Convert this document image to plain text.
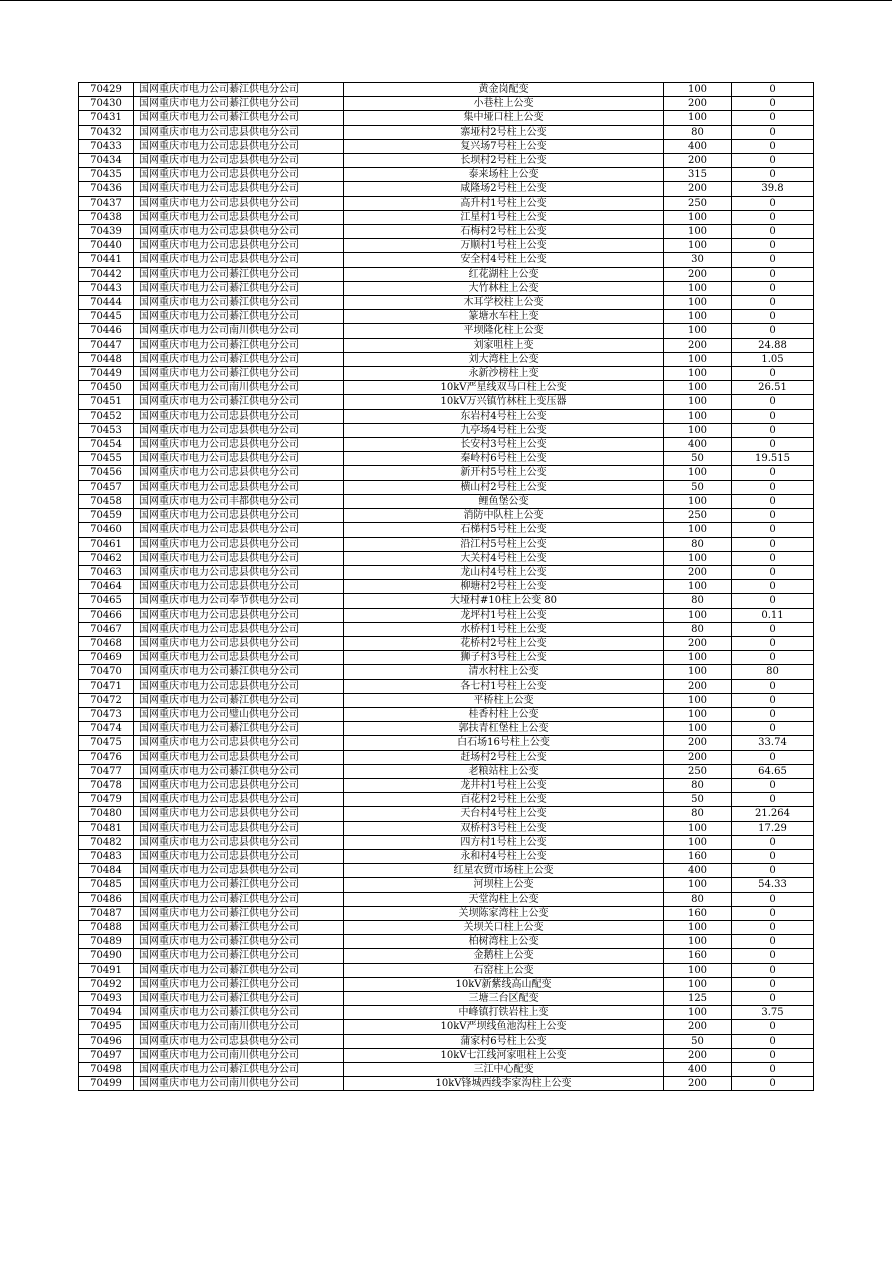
70429	国网重庆市电力公司綦江供电分公司	黄金岗配变	100	0
70430	国网重庆市电力公司綦江供电分公司	小巷柱上公变	200	0
70431	国网重庆市电力公司綦江供电分公司	集中垭口柱上公变	100	0
70432	国网重庆市电力公司忠县供电分公司	寨垭村2号柱上公变	80	0
70433	国网重庆市电力公司忠县供电分公司	复兴场7号柱上公变	400	0
70434	国网重庆市电力公司忠县供电分公司	长坝村2号柱上公变	200	0
70435	国网重庆市电力公司忠县供电分公司	泰来场柱上公变	315	0
70436	国网重庆市电力公司忠县供电分公司	咸隆场2号柱上公变	200	39.8
70437	国网重庆市电力公司忠县供电分公司	高升村1号柱上公变	250	0
70438	国网重庆市电力公司忠县供电分公司	江星村1号柱上公变	100	0
70439	国网重庆市电力公司忠县供电分公司	石梅村2号柱上公变	100	0
70440	国网重庆市电力公司忠县供电分公司	万顺村1号柱上公变	100	0
70441	国网重庆市电力公司忠县供电分公司	安全村4号柱上公变	30	0
70442	国网重庆市电力公司綦江供电分公司	红花湖柱上公变	200	0
70443	国网重庆市电力公司綦江供电分公司	大竹林柱上公变	100	0
70444	国网重庆市电力公司綦江供电分公司	木耳学校柱上公变	100	0
70445	国网重庆市电力公司綦江供电分公司	篆塘水车柱上变	100	0
70446	国网重庆市电力公司南川供电分公司	平坝隆化柱上公变	100	0
70447	国网重庆市电力公司綦江供电分公司	刘家咀柱上变	200	24.88
70448	国网重庆市电力公司綦江供电分公司	刘大湾柱上公变	100	1.05
70449	国网重庆市电力公司綦江供电分公司	永新沙榜柱上变	100	0
70450	国网重庆市电力公司南川供电分公司	10kV严星线双马口柱上公变	100	26.51
70451	国网重庆市电力公司綦江供电分公司	10kV万兴镇竹林柱上变压器	100	0
70452	国网重庆市电力公司忠县供电分公司	东岩村4号柱上公变	100	0
70453	国网重庆市电力公司忠县供电分公司	九亭场4号柱上公变	100	0
70454	国网重庆市电力公司忠县供电分公司	长安村3号柱上公变	400	0
70455	国网重庆市电力公司忠县供电分公司	秦岭村6号柱上公变	50	19.515
70456	国网重庆市电力公司忠县供电分公司	新开村5号柱上公变	100	0
70457	国网重庆市电力公司忠县供电分公司	横山村2号柱上公变	50	0
70458	国网重庆市电力公司丰都供电分公司	鲤鱼堡公变	100	0
70459	国网重庆市电力公司忠县供电分公司	消防中队柱上公变	250	0
70460	国网重庆市电力公司忠县供电分公司	石梯村5号柱上公变	100	0
70461	国网重庆市电力公司忠县供电分公司	沿江村5号柱上公变	80	0
70462	国网重庆市电力公司忠县供电分公司	大关村4号柱上公变	100	0
70463	国网重庆市电力公司忠县供电分公司	龙山村4号柱上公变	200	0
70464	国网重庆市电力公司忠县供电分公司	柳塘村2号柱上公变	100	0
70465	国网重庆市电力公司奉节供电分公司	大垭村#10柱上公变 80	80	0
70466	国网重庆市电力公司忠县供电分公司	龙坪村1号柱上公变	100	0.11
70467	国网重庆市电力公司忠县供电分公司	水桥村1号柱上公变	80	0
70468	国网重庆市电力公司忠县供电分公司	花桥村2号柱上公变	200	0
70469	国网重庆市电力公司忠县供电分公司	狮子村3号柱上公变	100	0
70470	国网重庆市电力公司綦江供电分公司	清水村柱上公变	100	80
70471	国网重庆市电力公司忠县供电分公司	各七村1号柱上公变	200	0
70472	国网重庆市电力公司綦江供电分公司	平桥柱上公变	100	0
70473	国网重庆市电力公司璧山供电分公司	桂香村柱上公变	100	0
70474	国网重庆市电力公司綦江供电分公司	郭扶青杠堡柱上公变	100	0
70475	国网重庆市电力公司忠县供电分公司	白石场16号柱上公变	200	33.74
70476	国网重庆市电力公司忠县供电分公司	赶场村2号柱上公变	200	0
70477	国网重庆市电力公司綦江供电分公司	老粮站柱上公变	250	64.65
70478	国网重庆市电力公司忠县供电分公司	龙井村1号柱上公变	80	0
70479	国网重庆市电力公司忠县供电分公司	百花村2号柱上公变	50	0
70480	国网重庆市电力公司忠县供电分公司	天台村4号柱上公变	80	21.264
70481	国网重庆市电力公司忠县供电分公司	双桥村3号柱上公变	100	17.29
70482	国网重庆市电力公司忠县供电分公司	四方村1号柱上公变	100	0
70483	国网重庆市电力公司忠县供电分公司	永和村4号柱上公变	160	0
70484	国网重庆市电力公司忠县供电分公司	红星农贸市场柱上公变	400	0
70485	国网重庆市电力公司綦江供电分公司	河坝柱上公变	100	54.33
70486	国网重庆市电力公司綦江供电分公司	天堂沟柱上公变	80	0
70487	国网重庆市电力公司綦江供电分公司	关坝陈家湾柱上公变	160	0
70488	国网重庆市电力公司綦江供电分公司	关坝关口柱上公变	100	0
70489	国网重庆市电力公司綦江供电分公司	柏树湾柱上公变	100	0
70490	国网重庆市电力公司綦江供电分公司	金鹅柱上公变	160	0
70491	国网重庆市电力公司綦江供电分公司	石窑柱上公变	100	0
70492	国网重庆市电力公司綦江供电分公司	10kV新紫线高山配变	100	0
70493	国网重庆市电力公司綦江供电分公司	三塘三台区配变	125	0
70494	国网重庆市电力公司綦江供电分公司	中峰镇打铁岩柱上变	100	3.75
70495	国网重庆市电力公司南川供电分公司	10kV严坝线鱼池沟柱上公变	200	0
70496	国网重庆市电力公司忠县供电分公司	蒲家村6号柱上公变	50	0
70497	国网重庆市电力公司南川供电分公司	10kV七江线河家咀柱上公变	200	0
70498	国网重庆市电力公司綦江供电分公司	三江中心配变	400	0
70499	国网重庆市电力公司南川供电分公司	10kV锋城西线李家沟柱上公变	200	0
